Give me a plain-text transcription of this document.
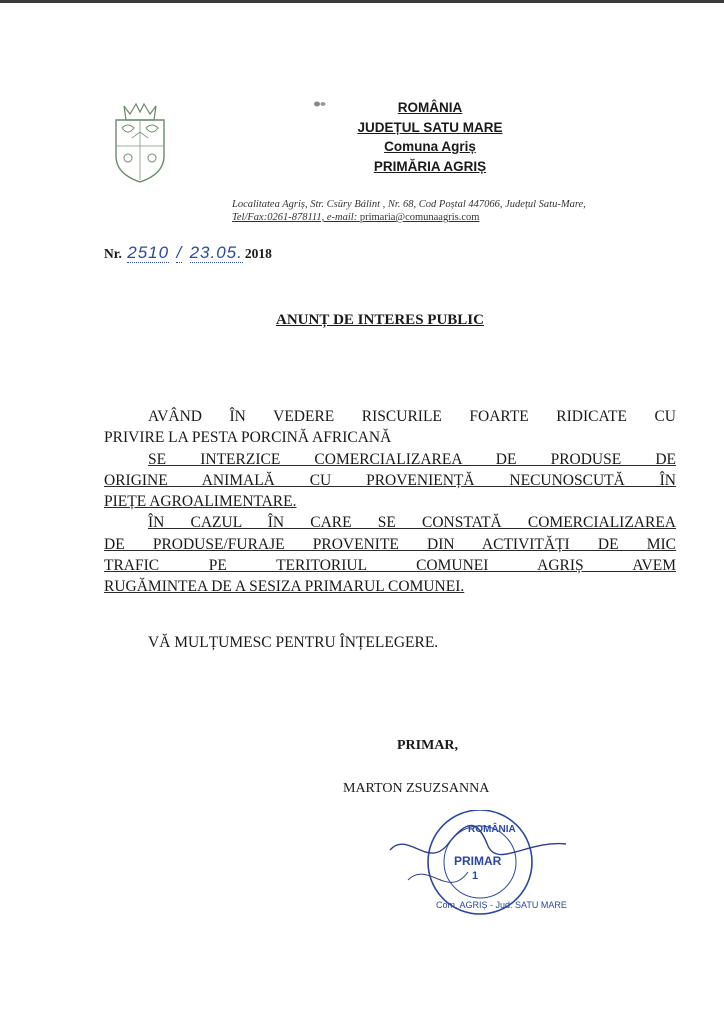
ROMÂNIA
JUDEȚUL SATU MARE
Comuna Agriș
PRIMĂRIA AGRIȘ
Localitatea Agriș, Str. Csüry Bálint , Nr. 68, Cod Poștal 447066, Județul Satu-Mare,
Tel/Fax:0261-878111, e-mail: primaria@comunaagris.com
Nr. 2510 / 23.05. 2018
ANUNȚ DE INTERES PUBLIC

AVÂND ÎN VEDERE RISCURILE FOARTE RIDICATE CU

PRIVIRE LA PESTA PORCINĂ AFRICANĂ

SE INTERZICE COMERCIALIZAREA DE PRODUSE DE

ORIGINE ANIMALĂ CU PROVENIENȚĂ NECUNOSCUTĂ ÎN

PIEȚE AGROALIMENTARE.

ÎN CAZUL ÎN CARE SE CONSTATĂ COMERCIALIZAREA

DE PRODUSE/FURAJE PROVENITE DIN ACTIVITĂȚI DE MIC

TRAFIC PE TERITORIUL COMUNEI AGRIȘ AVEM

RUGĂMINTEA DE A SESIZA PRIMARUL COMUNEI.

VĂ MULȚUMESC PENTRU ÎNȚELEGERE.
PRIMAR,
MARTON ZSUZSANNA
ROMÂNIA
PRIMAR
1
Com. AGRIȘ - Jud. SATU MARE
